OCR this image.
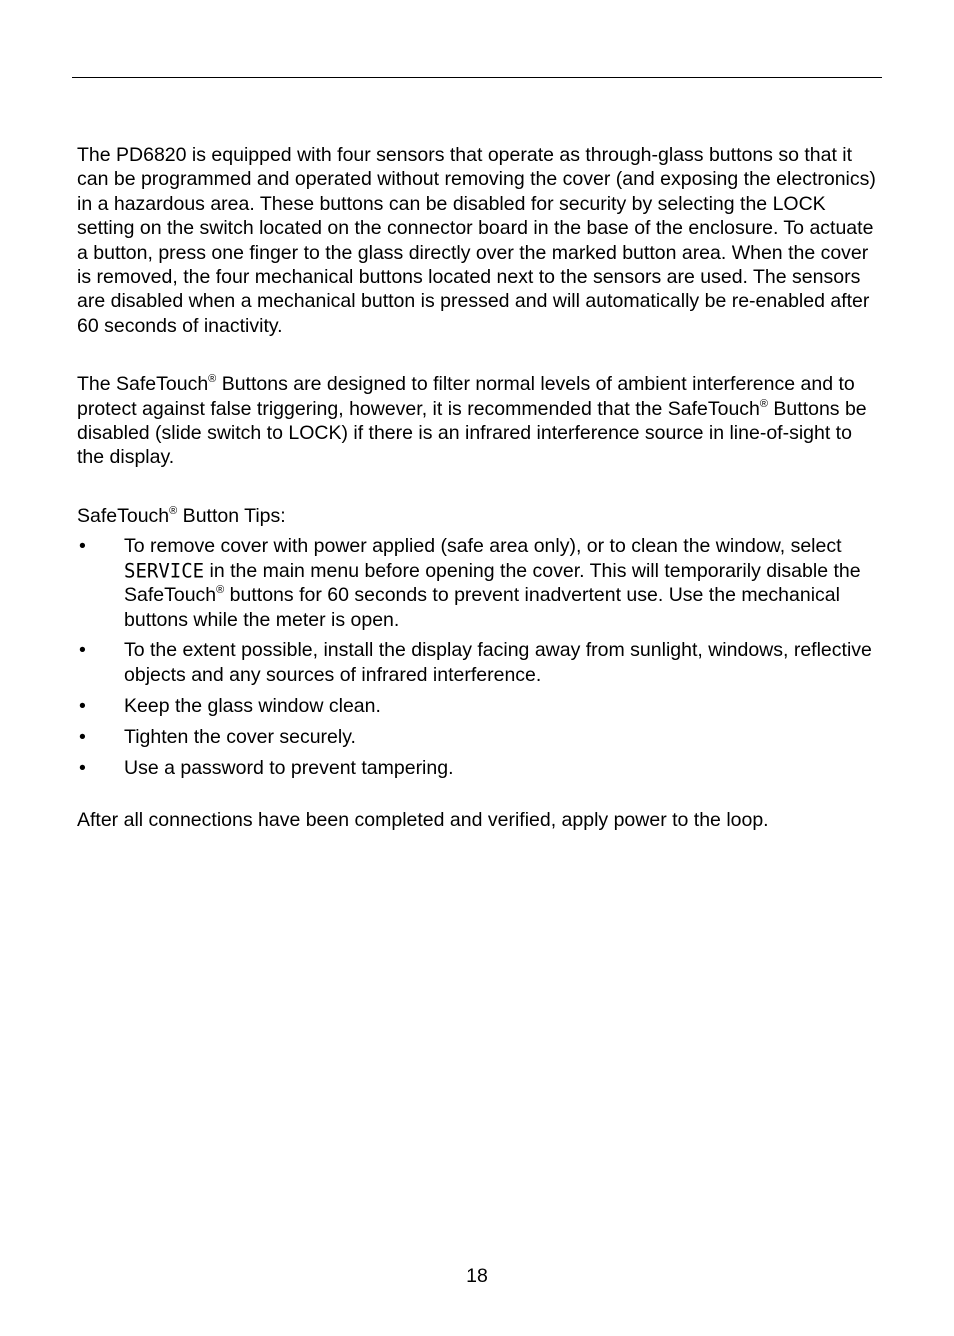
The PD6820 is equipped with four sensors that operate as through-glass buttons so that it can be programmed and operated without removing the cover (and exposing the electronics) in a hazardous area. These buttons can be disabled for security by selecting the LOCK setting on the switch located on the connector board in the base of the enclosure. To actuate a button, press one finger to the glass directly over the marked button area. When the cover is removed, the four mechanical buttons located next to the sensors are used. The sensors are disabled when a mechanical button is pressed and will automatically be re-enabled after 60 seconds of inactivity.

The SafeTouch® Buttons are designed to filter normal levels of ambient interference and to protect against false triggering, however, it is recommended that the SafeTouch® Buttons be disabled (slide switch to LOCK) if there is an infrared interference source in line-of-sight to the display.

SafeTouch® Button Tips:

• To remove cover with power applied (safe area only), or to clean the window, select SERVICE in the main menu before opening the cover. This will temporarily disable the SafeTouch® buttons for 60 seconds to prevent inadvertent use. Use the mechanical buttons while the meter is open.
• To the extent possible, install the display facing away from sunlight, windows, reflective objects and any sources of infrared interference.
• Keep the glass window clean.
• Tighten the cover securely.
• Use a password to prevent tampering.

After all connections have been completed and verified, apply power to the loop.

18
